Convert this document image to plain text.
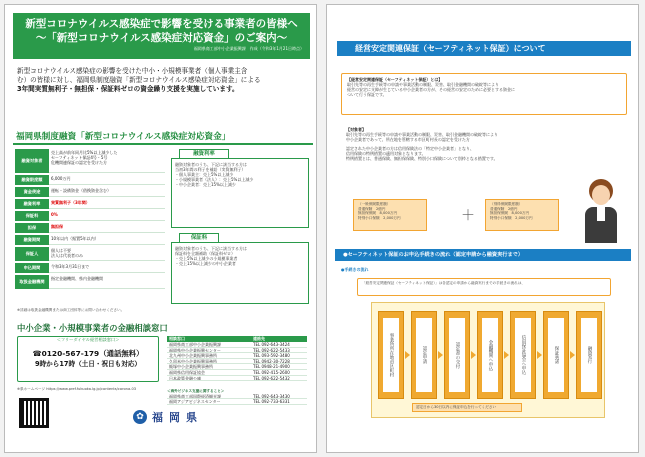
新型コロナウイルス感染症で影響を受ける事業者の皆様へ
～「新型コロナウイルス感染症対応資金」のご案内～
福岡県商工部中小企業振興課　作成（令和3年1月21日時点）
新型コロナウイルス感染症の影響を受けた中小・小規模事業者（個人事業主含
む）の皆様に対し、福岡県制度融資「新型コロナウイルス感染症対応資金」による
3年間実質無利子・無担保・保証料ゼロの資金繰り支援を実施しています。
福岡県制度融資「新型コロナウイルス感染症対応資金」
融資対象者
売上高が前年同月比5%以上減少した
セーフティネット保証4号・5号
危機関連保証の認定を受けた方
融資限度額	6,000万円
資金使途	運転・設備資金（借換資金含む）
融資利率	実質無利子（3年間）
保証料	0%
担保	無担保
融資期間	10年以内（据置5年以内）
保証人
個人は不要
法人は代表者のみ
申込期間	令和3年3月31日まで
取扱金融機関
指定金融機関、県内金融機関
融資利率
融資対象者のうち、下記に該当する方は
当初3年間の利子を補給（実質無利子）
・個人事業主：売上5%以上減少
・小規模事業者（法人）：売上5%以上減少
・中小企業者：売上15%以上減少
保証料
融資対象者のうち、下記に該当する方は
保証料を全額補助（保証料ゼロ）
・売上5%以上減少の小規模事業者
・売上15%以上減少の中小企業者
※詳細は取扱金融機関または商工団体等にお問い合わせください。
中小企業・小規模事業者の金融相談窓口
＜フリーダイヤル経営相談窓口＞
☎0120-567-179（通話無料）
9時から17時（土日・祝日も対応）
相談窓口	連絡先
福岡県商工部中小企業振興課	TEL 092-643-3424
福岡県中小企業振興センター	TEL 092-622-5433
北九州中小企業振興事務所	TEL 093-592-3480
久留米中小企業振興事務所	TEL 0942-30-7228
飯塚中小企業振興事務所	TEL 0948-21-4900
福岡県信用保証協会	TEL 092-415-2600
日本政策金融公庫	TEL 092-622-5432
＜海外ビジネス支援に関すること＞
福岡県商工部国際経済観光課	TEL 092-643-3430
福岡アジアビジネスセンター	TEL 092-733-6331
※県ホームページ https://www.pref.fukuoka.lg.jp/contents/corona-03
✿ 福岡県
経営安定関連保証（セーフティネット保証）について
【経営安定関連保証（セーフティネット保証）とは】
取引先等の再生手続等の申請や事業活動の制限、災害、取引金融機関の破綻等により
経営の安定に支障が生じている中小企業者の方が、その経営の安定のために必要とする資金に
ついて行う保証です。
【対象者】
取引先等の再生手続等の申請や事業活動の制限、災害、取引金融機関の破綻等により
中小企業者であって、所在地を管轄する市区町村長の認定を受けた方
認定された中小企業者の方は信用保険法の「特定中小企業者」となり、
信用保険の特例措置の適用対象となります。
特例措置とは、普通保険、無担保保険、特別小口保険について別枠となる措置です。
（一般保険限度額）
普通保険　2億円
無担保保険　8,000万円
特別小口保険　2,000万円	＋
（別枠保険限度額）
普通保険　2億円
無担保保険　8,000万円
特別小口保険　2,000万円
●セーフティネット保証のお申込手続きの流れ（認定申請から融資実行まで）
●手続きの流れ
「経営安定関連保証（セーフティネット保証）」は各認定の申請から融資実行までの手続きの流れは、
事業所所在地市区町村	認定申請	認定書の交付	金融機関へ申込	信用保証協会へ申込	保証承諾	融資実行
認定日から30日以内に保証申込を行ってください
